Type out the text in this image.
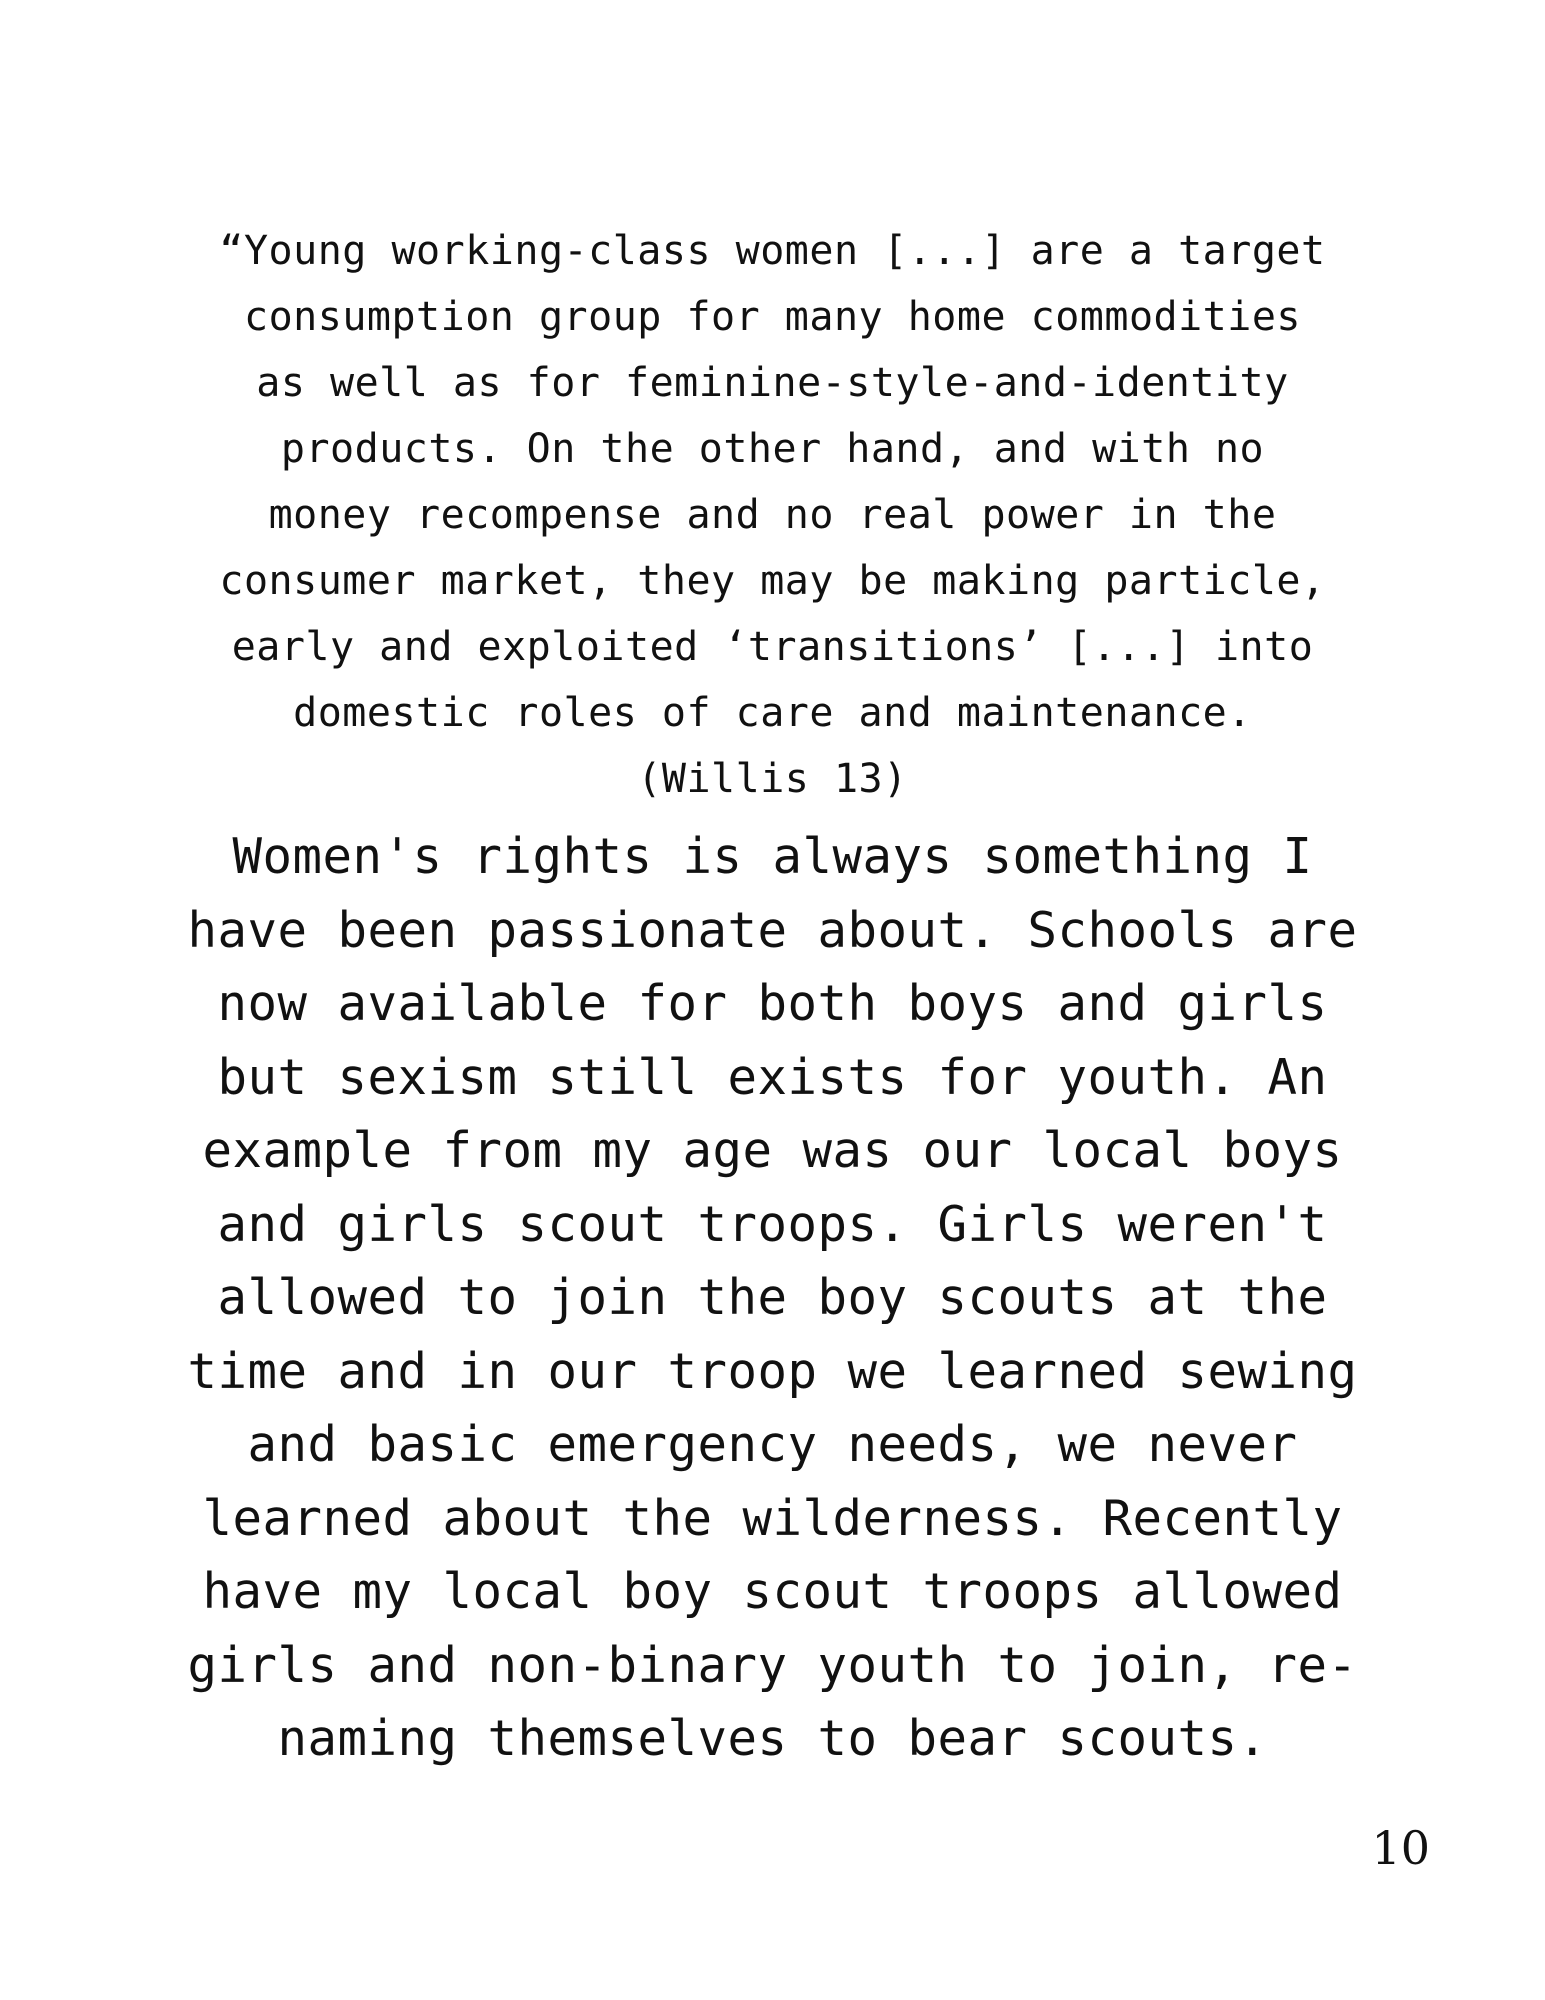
“Young working-class women [...] are a target
consumption group for many home commodities
as well as for feminine-style-and-identity
products. On the other hand, and with no
money recompense and no real power in the
consumer market, they may be making particle,
early and exploited ‘transitions’ [...] into
domestic roles of care and maintenance.
(Willis 13)
Women's rights is always something I
have been passionate about. Schools are
now available for both boys and girls
but sexism still exists for youth. An
example from my age was our local boys
and girls scout troops. Girls weren't
allowed to join the boy scouts at the
time and in our troop we learned sewing
and basic emergency needs, we never
learned about the wilderness. Recently
have my local boy scout troops allowed
girls and non-binary youth to join, re-
naming themselves to bear scouts.
10
